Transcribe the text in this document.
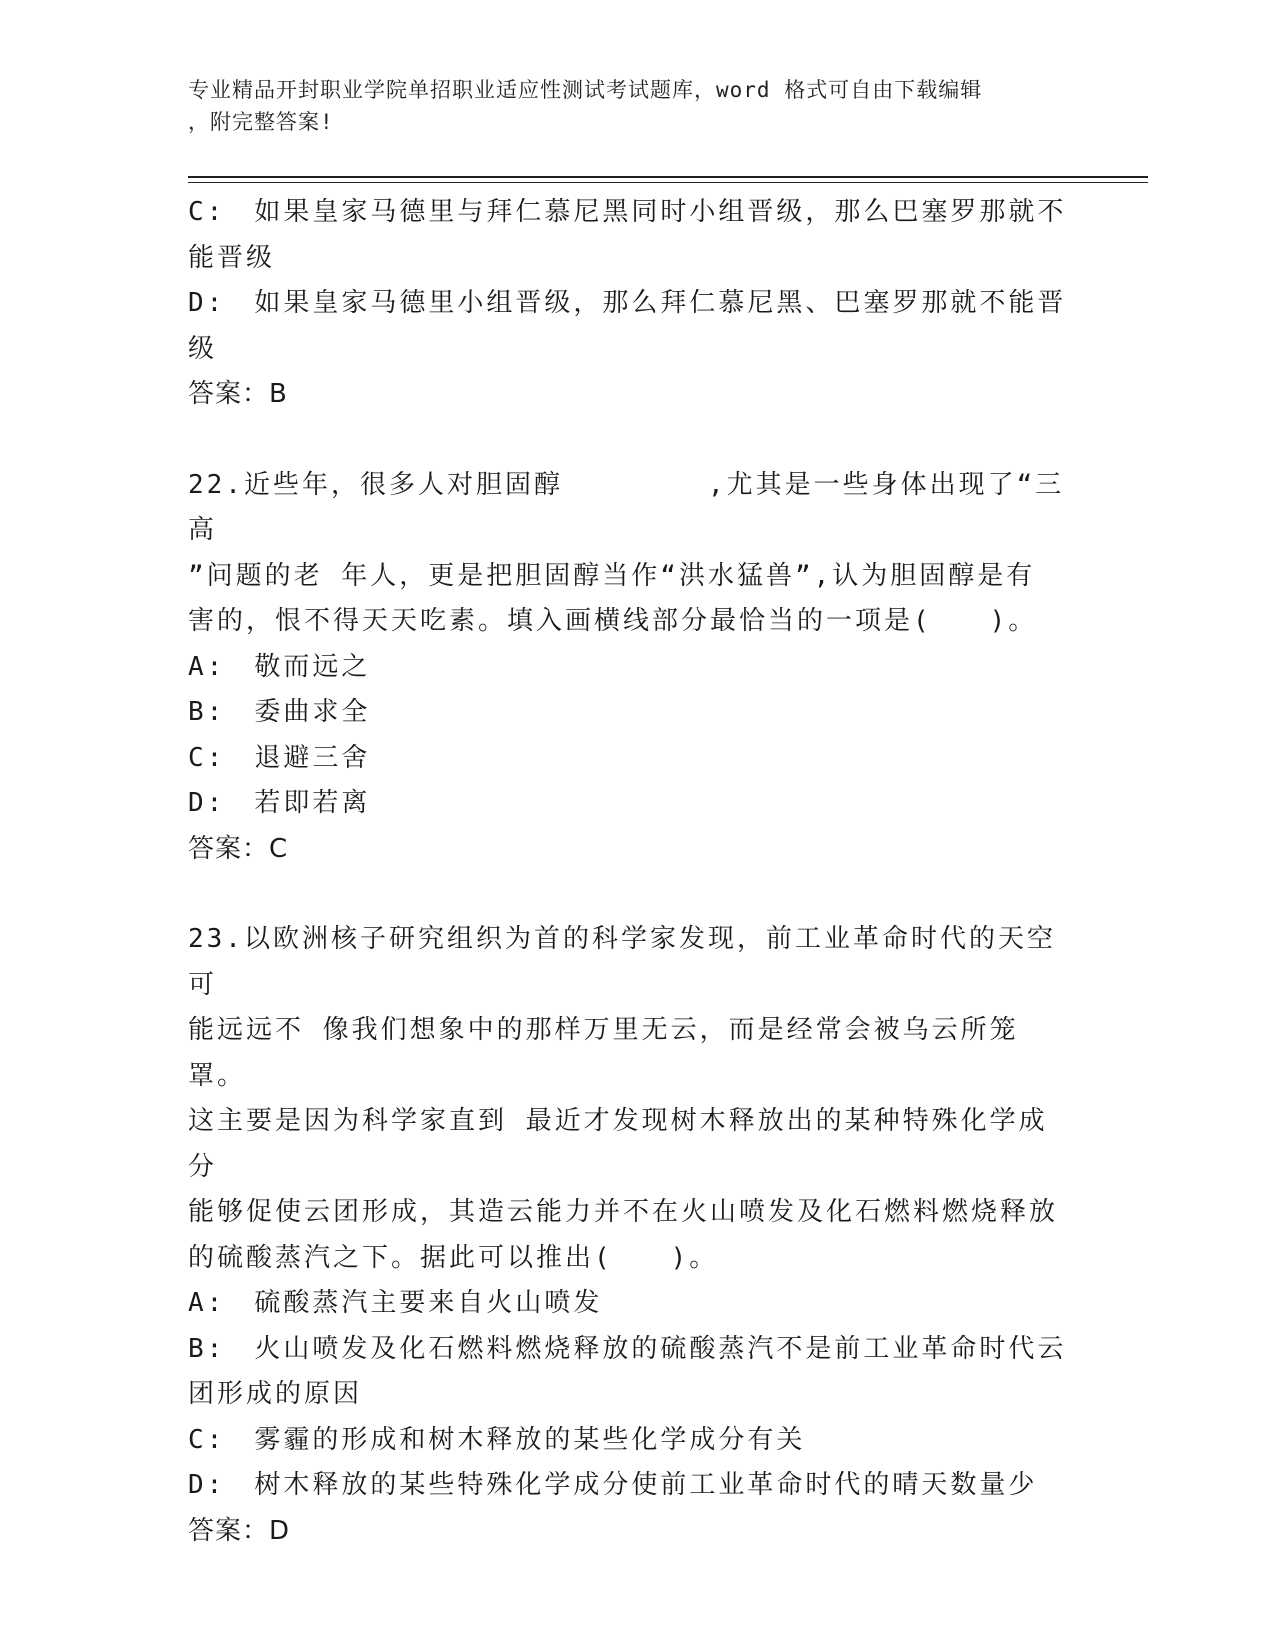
专业精品开封职业学院单招职业适应性测试考试题库，word 格式可自由下载编辑
，附完整答案!

C:　 如果皇家马德里与拜仁慕尼黑同时小组晋级，那么巴塞罗那就不能晋级

D:　 如果皇家马德里小组晋级，那么拜仁慕尼黑、巴塞罗那就不能晋级

答案：B

22.近些年，很多人对胆固醇　　　　　,尤其是一些身体出现了“三高

”问题的老 年人，更是把胆固醇当作“洪水猛兽”,认为胆固醇是有

害的，恨不得天天吃素。填入画横线部分最恰当的一项是(　　)。

A:　 敬而远之

B:　 委曲求全

C:　 退避三舍

D:　 若即若离

答案：C

23.以欧洲核子研究组织为首的科学家发现，前工业革命时代的天空可

能远远不 像我们想象中的那样万里无云，而是经常会被乌云所笼罩。

这主要是因为科学家直到 最近才发现树木释放出的某种特殊化学成分

能够促使云团形成，其造云能力并不在火山喷发及化石燃料燃烧释放

的硫酸蒸汽之下。据此可以推出(　　)。

A:　 硫酸蒸汽主要来自火山喷发

B:　 火山喷发及化石燃料燃烧释放的硫酸蒸汽不是前工业革命时代云团形成的原因

C:　 雾霾的形成和树木释放的某些化学成分有关

D:　 树木释放的某些特殊化学成分使前工业革命时代的晴天数量少

答案：D
